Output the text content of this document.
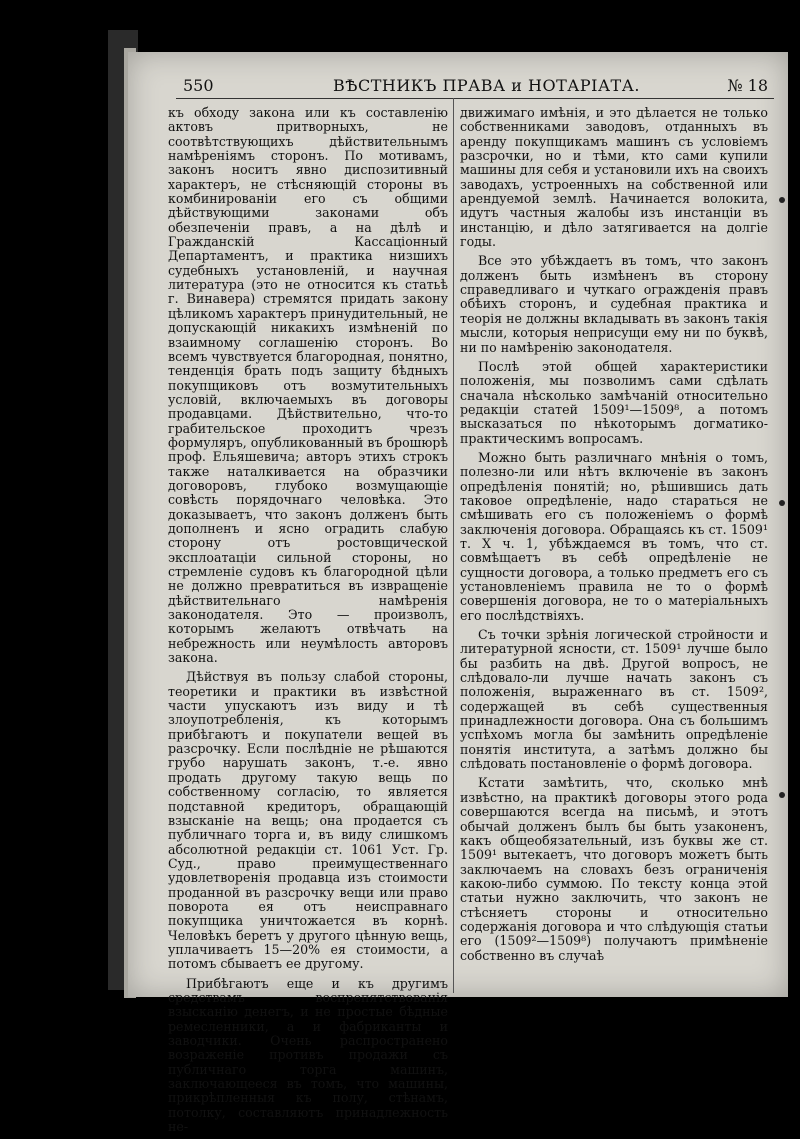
550	ВѢСТНИКЪ ПРАВА и НОТАРІАТА.	№ 18

къ обходу закона или къ составленію актовъ притворныхъ, не соотвѣтствующихъ дѣйствительнымъ намѣреніямъ сторонъ. По мотивамъ, законъ носитъ явно диспозитивный характеръ, не стѣсняющій стороны въ комбинированіи его съ общими дѣйствующими законами объ обезпеченіи правъ, а на дѣлѣ и Гражданскій Кассаціонный Департаментъ, и практика низшихъ судебныхъ установленій, и научная литература (это не относится къ статьѣ г. Винавера) стремятся придать закону цѣликомъ характеръ принудительный, не допускающій никакихъ измѣненій по взаимному соглашенію сторонъ. Во всемъ чувствуется благородная, понятно, тенденція брать подъ защиту бѣдныхъ покупщиковъ отъ возмутительныхъ условій, включаемыхъ въ договоры продавцами. Дѣйствительно, что-то грабительское проходитъ чрезъ формуляръ, опубликованный въ брошюрѣ проф. Ельяшевича; авторъ этихъ строкъ также наталкивается на образчики договоровъ, глубоко возмущающіе совѣсть порядочнаго человѣка. Это доказываетъ, что законъ долженъ быть дополненъ и ясно оградить слабую сторону отъ ростовщической эксплоатаціи сильной стороны, но стремленіе судовъ къ благородной цѣли не должно превратиться въ извращеніе дѣйствительнаго намѣренія законодателя. Это — произволъ, которымъ желаютъ отвѣчать на небрежность или неумѣлость авторовъ закона.

Дѣйствуя въ пользу слабой стороны, теоретики и практики въ извѣстной части упускаютъ изъ виду и тѣ злоупотребленія, къ которымъ прибѣгаютъ и покупатели вещей въ разсрочку. Если послѣдніе не рѣшаются грубо нарушать законъ, т.-е. явно продать другому такую вещь по собственному согласію, то является подставной кредиторъ, обращающій взысканіе на вещь; она продается съ публичнаго торга и, въ виду слишкомъ абсолютной редакціи ст. 1061 Уст. Гр. Суд., право преимущественнаго удовлетворенія продавца изъ стоимости проданной въ разсрочку вещи или право поворота ея отъ неисправнаго покупщика уничтожается въ корнѣ. Человѣкъ беретъ у другого цѣнную вещь, уплачиваетъ 15—20% ея стоимости, а потомъ сбываетъ ее другому.

Прибѣгаютъ еще и къ другимъ средствамъ воспрепятствованія взысканію денегъ, и не простые бѣдные ремесленники, а и фабриканты и заводчики. Очень распространено возраженіе противъ продажи съ публичнаго торга машинъ, заключающееся въ томъ, что машины, прикрѣпленныя къ полу, стѣнамъ, потолку, составляютъ принадлежность не-

движимаго имѣнія, и это дѣлается не только собственниками заводовъ, отданныхъ въ аренду покупщикамъ машинъ съ условіемъ разсрочки, но и тѣми, кто сами купили машины для себя и установили ихъ на своихъ заводахъ, устроенныхъ на собственной или арендуемой землѣ. Начинается волокита, идутъ частныя жалобы изъ инстанціи въ инстанцію, и дѣло затягивается на долгіе годы.

Все это убѣждаетъ въ томъ, что законъ долженъ быть измѣненъ въ сторону справедливаго и чуткаго огражденія правъ обѣихъ сторонъ, и судебная практика и теорія не должны вкладывать въ законъ такія мысли, которыя неприсущи ему ни по буквѣ, ни по намѣренію законодателя.

Послѣ этой общей характеристики положенія, мы позволимъ сами сдѣлать сначала нѣсколько замѣчаній относительно редакціи статей 1509¹—1509⁸, а потомъ высказаться по нѣкоторымъ догматико-практическимъ вопросамъ.

Можно быть различнаго мнѣнія о томъ, полезно-ли или нѣтъ включеніе въ законъ опредѣленія понятій; но, рѣшившись дать таковое опредѣленіе, надо стараться не смѣшивать его съ положеніемъ о формѣ заключенія договора. Обращаясь къ ст. 1509¹ т. X ч. 1, убѣждаемся въ томъ, что ст. совмѣщаетъ въ себѣ опредѣленіе не сущности договора, а только предметъ его съ установленіемъ правила не то о формѣ совершенія договора, не то о матеріальныхъ его послѣдствіяхъ.

Съ точки зрѣнія логической стройности и литературной ясности, ст. 1509¹ лучше было бы разбить на двѣ. Другой вопросъ, не слѣдовало-ли лучше начать законъ съ положенія, выраженнаго въ ст. 1509², содержащей въ себѣ существенныя принадлежности договора. Она съ большимъ успѣхомъ могла бы замѣнить опредѣленіе понятія института, а затѣмъ должно бы слѣдовать постановленіе о формѣ договора.

Кстати замѣтить, что, сколько мнѣ извѣстно, на практикѣ договоры этого рода совершаются всегда на письмѣ, и этотъ обычай долженъ былъ бы быть узаконенъ, какъ общеобязательный, изъ буквы же ст. 1509¹ вытекаетъ, что договоръ можетъ быть заключаемъ на словахъ безъ ограниченія какою-либо суммою. По тексту конца этой статьи нужно заключить, что законъ не стѣсняетъ стороны и относительно содержанія договора и что слѣдующія статьи его (1509²—1509⁸) получаютъ примѣненіе собственно въ случаѣ
